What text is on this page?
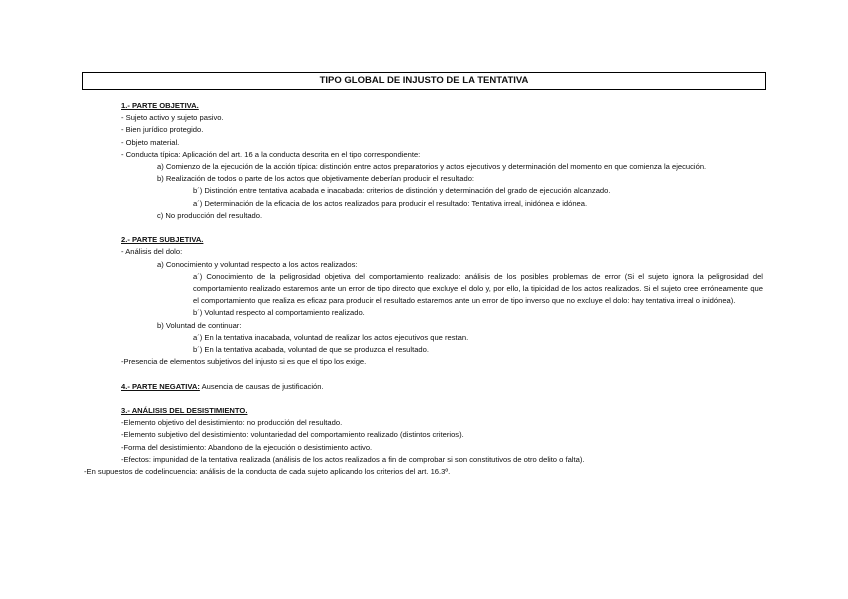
TIPO GLOBAL DE INJUSTO DE LA TENTATIVA
1.- PARTE OBJETIVA.
- Sujeto activo y sujeto pasivo.
- Bien jurídico protegido.
- Objeto material.
- Conducta típica: Aplicación del art. 16 a la conducta descrita en el tipo correspondiente:
a) Comienzo de la ejecución de la acción típica: distinción entre actos preparatorios y actos ejecutivos y determinación del momento en que comienza la ejecución.
b) Realización de todos o parte de los actos que objetivamente deberían producir el resultado:
b´) Distinción entre tentativa acabada e inacabada: criterios de distinción y determinación del grado de ejecución alcanzado.
a´) Determinación de la eficacia de los actos realizados para producir el resultado: Tentativa irreal, inidónea e idónea.
c) No producción del resultado.
2.- PARTE SUBJETIVA.
- Análisis del dolo:
a) Conocimiento y voluntad respecto a los actos realizados:
a´) Conocimiento de la peligrosidad objetiva del comportamiento realizado: análisis de los posibles problemas de error (Si el sujeto ignora la peligrosidad del comportamiento realizado estaremos ante un error de tipo directo que excluye el dolo y, por ello, la tipicidad de los actos realizados. Si el sujeto cree erróneamente que el comportamiento que realiza es eficaz para producir el resultado estaremos ante un error de tipo inverso que no excluye el dolo: hay tentativa irreal o inidónea).
b´) Voluntad respecto al comportamiento realizado.
b) Voluntad de continuar:
a´) En la tentativa inacabada, voluntad de realizar los actos ejecutivos que restan.
b´) En la tentativa acabada, voluntad de que se produzca el resultado.
-Presencia de elementos subjetivos del injusto si es que el tipo los exige.
4.- PARTE NEGATIVA: Ausencia de causas de justificación.
3.- ANÁLISIS DEL DESISTIMIENTO.
-Elemento objetivo del desistimiento: no producción del resultado.
-Elemento subjetivo del desistimiento: voluntariedad del comportamiento realizado (distintos criterios).
-Forma del desistimiento: Abandono de la ejecución o desistimiento activo.
-Efectos: impunidad de la tentativa realizada (análisis de los actos realizados a fin de comprobar si son constitutivos de otro delito o falta).
-En supuestos de codelincuencia: análisis de la conducta de cada sujeto aplicando los criterios del art. 16.3º.
